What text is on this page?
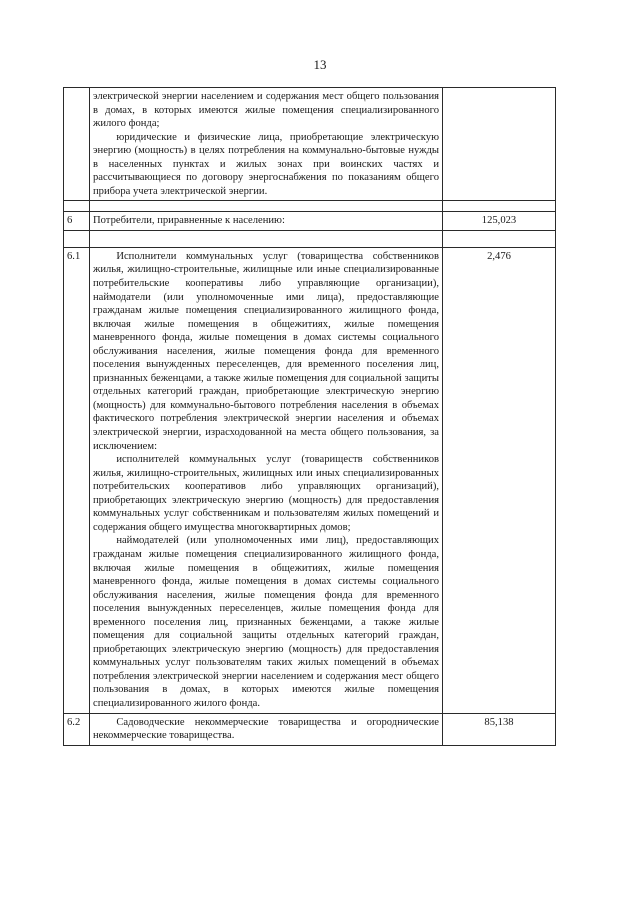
13

	электрической энергии населением и содержания мест общего пользования в домах, в которых имеются жилые помещения специализированного жилого фонда;

юридические и физические лица, приобретающие электрическую энергию (мощность) в целях потребления на коммунально-бытовые нужды в населенных пунктах и жилых зонах при воинских частях и рассчитывающиеся по договору энергоснабжения по показаниям общего прибора учета электрической энергии.	

6	Потребители, приравненные к населению:	125,023

6.1	Исполнители коммунальных услуг (товарищества собственников жилья, жилищно-строительные, жилищные или иные специализированные потребительские кооперативы либо управляющие организации), наймодатели (или уполномоченные ими лица), предоставляющие гражданам жилые помещения специализированного жилищного фонда, включая жилые помещения в общежитиях, жилые помещения маневренного фонда, жилые помещения в домах системы социального обслуживания населения, жилые помещения фонда для временного поселения вынужденных переселенцев, для временного поселения лиц, признанных беженцами, а также жилые помещения для социальной защиты отдельных категорий граждан, приобретающие электрическую энергию (мощность) для коммунально-бытового потребления населения в объемах фактического потребления электрической энергии населения и объемах электрической энергии, израсходованной на места общего пользования, за исключением:

исполнителей коммунальных услуг (товариществ собственников жилья, жилищно-строительных, жилищных или иных специализированных потребительских кооперативов либо управляющих организаций), приобретающих электрическую энергию (мощность) для предоставления коммунальных услуг собственникам и пользователям жилых помещений и содержания общего имущества многоквартирных домов;

наймодателей (или уполномоченных ими лиц), предоставляющих гражданам жилые помещения специализированного жилищного фонда, включая жилые помещения в общежитиях, жилые помещения маневренного фонда, жилые помещения в домах системы социального обслуживания населения, жилые помещения фонда для временного поселения вынужденных переселенцев, жилые помещения фонда для временного поселения лиц, признанных беженцами, а также жилые помещения для социальной защиты отдельных категорий граждан, приобретающих электрическую энергию (мощность) для предоставления коммунальных услуг пользователям таких жилых помещений в объемах потребления электрической энергии населением и содержания мест общего пользования в домах, в которых имеются жилые помещения специализированного жилого фонда.	2,476
6.2	Садоводческие некоммерческие товарищества и огороднические некоммерческие товарищества.	85,138
